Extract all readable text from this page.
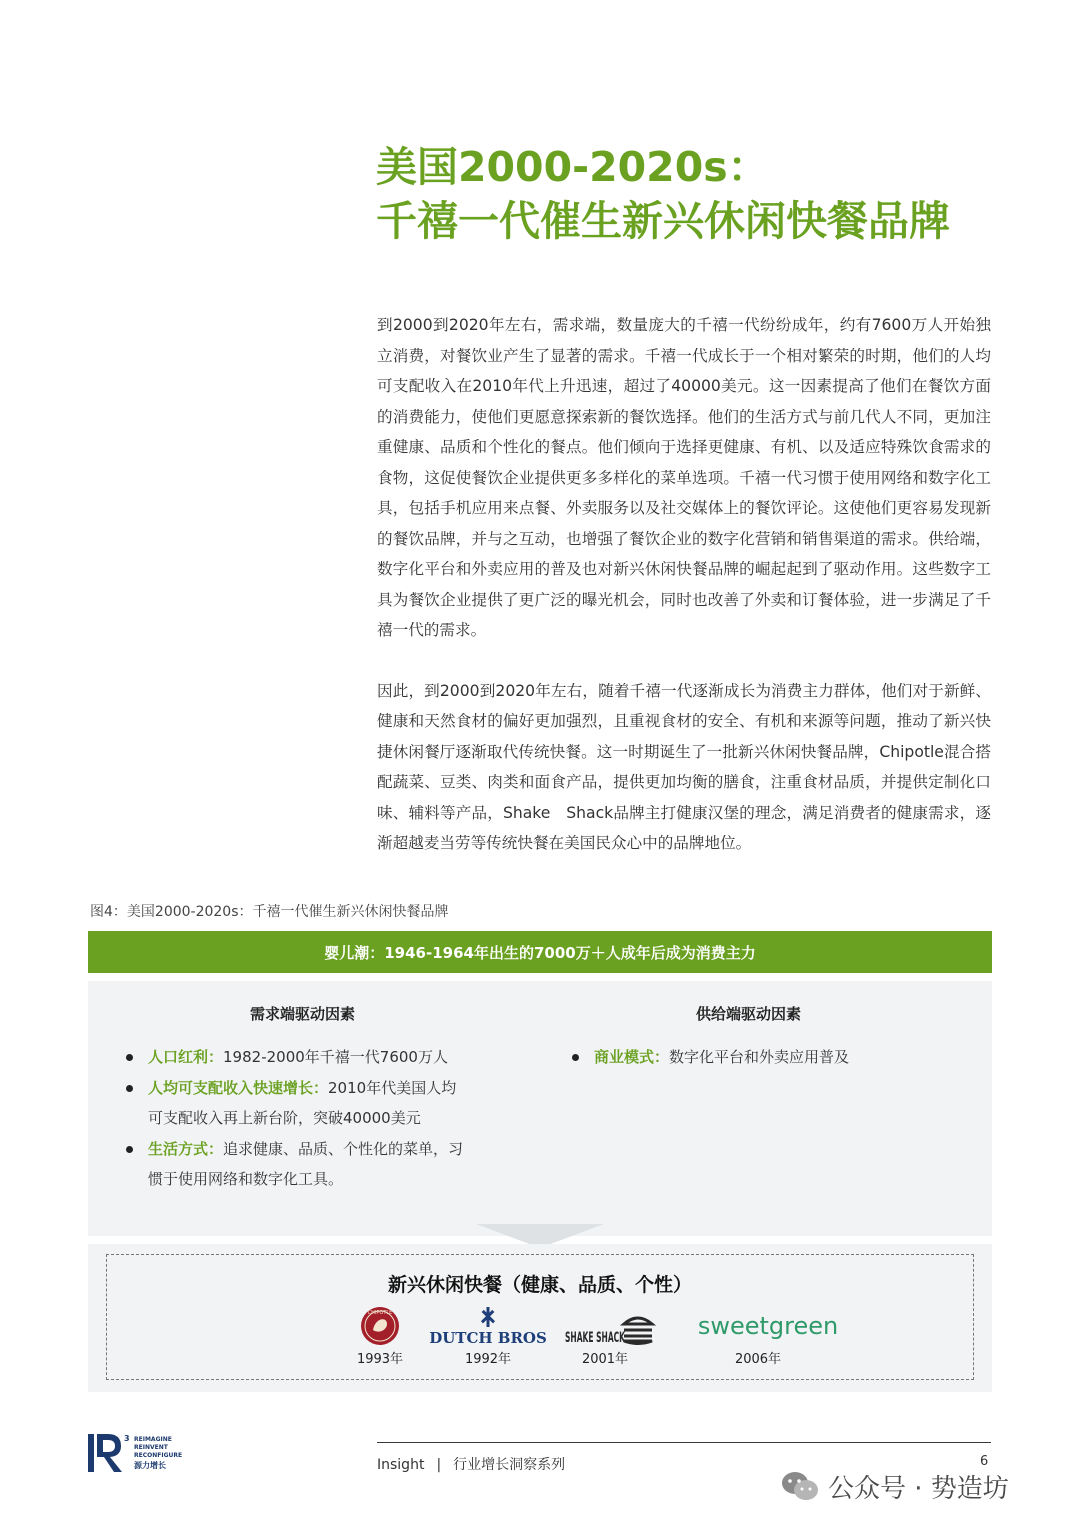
美国2000-2020s：
千禧一代催生新兴休闲快餐品牌

到2000到2020年左右，需求端，数量庞大的千禧一代纷纷成年，约有7600万人开始独立消费，对餐饮业产生了显著的需求。千禧一代成长于一个相对繁荣的时期，他们的人均可支配收入在2010年代上升迅速，超过了40000美元。这一因素提高了他们在餐饮方面的消费能力，使他们更愿意探索新的餐饮选择。他们的生活方式与前几代人不同，更加注重健康、品质和个性化的餐点。他们倾向于选择更健康、有机、以及适应特殊饮食需求的食物，这促使餐饮企业提供更多多样化的菜单选项。千禧一代习惯于使用网络和数字化工具，包括手机应用来点餐、外卖服务以及社交媒体上的餐饮评论。这使他们更容易发现新的餐饮品牌，并与之互动，也增强了餐饮企业的数字化营销和销售渠道的需求。供给端，数字化平台和外卖应用的普及也对新兴休闲快餐品牌的崛起起到了驱动作用。这些数字工具为餐饮企业提供了更广泛的曝光机会，同时也改善了外卖和订餐体验，进一步满足了千禧一代的需求。

因此，到2000到2020年左右，随着千禧一代逐渐成长为消费主力群体，他们对于新鲜、健康和天然食材的偏好更加强烈，且重视食材的安全、有机和来源等问题，推动了新兴快捷休闲餐厅逐渐取代传统快餐。这一时期诞生了一批新兴休闲快餐品牌，Chipotle混合搭配蔬菜、豆类、肉类和面食产品，提供更加均衡的膳食，注重食材品质，并提供定制化口味、辅料等产品，Shake　Shack品牌主打健康汉堡的理念，满足消费者的健康需求，逐渐超越麦当劳等传统快餐在美国民众心中的品牌地位。

图4：美国2000-2020s：千禧一代催生新兴休闲快餐品牌
婴儿潮：1946-1964年出生的7000万＋人成年后成为消费主力
需求端驱动因素	供给端驱动因素
人口红利：1982-2000年千禧一代7600万人
人均可支配收入快速增长：2010年代美国人均可支配收入再上新台阶，突破40000美元
生活方式：追求健康、品质、个性化的菜单，习惯于使用网络和数字化工具。
商业模式：数字化平台和外卖应用普及
新兴休闲快餐（健康、品质、个性）
CHIPOTLE
1993年
DUTCH BROS
1992年
SHAKE SHACK
2001年
sweetgreen
2006年
3 REIMAGINE
REINVENT
RECONFIGURE
源力增长	Insight | 行业增长洞察系列	6
公众号 · 势造坊
